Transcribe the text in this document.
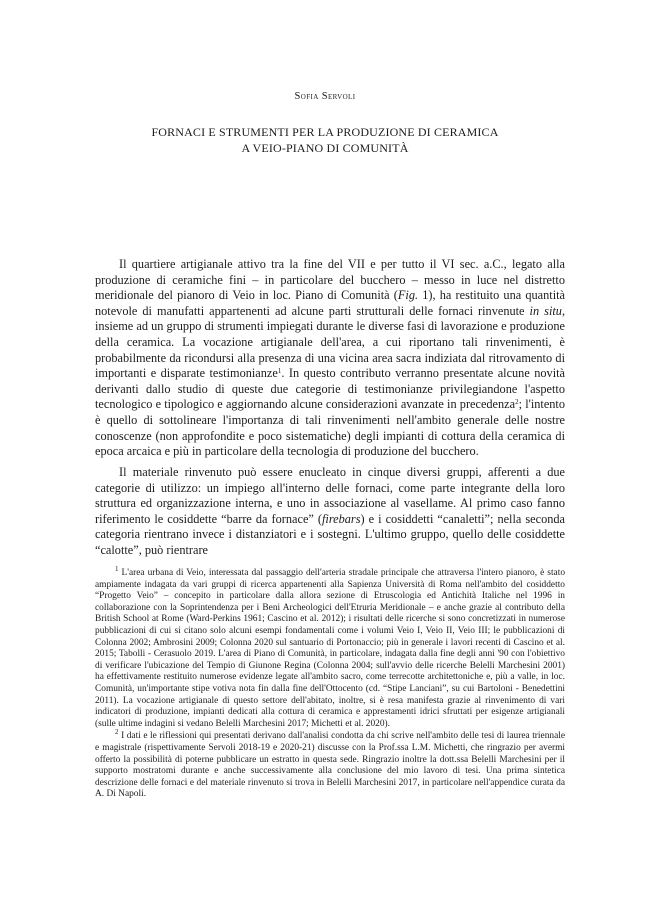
Sofia Servoli
FORNACI E STRUMENTI PER LA PRODUZIONE DI CERAMICA
A VEIO-PIANO DI COMUNITÀ

Il quartiere artigianale attivo tra la fine del VII e per tutto il VI sec. a.C., legato alla produzione di ceramiche fini – in particolare del bucchero – messo in luce nel distretto meridionale del pianoro di Veio in loc. Piano di Comunità (Fig. 1), ha restituito una quantità notevole di manufatti appartenenti ad alcune parti strutturali delle fornaci rinvenute in situ, insieme ad un gruppo di strumenti impiegati durante le diverse fasi di lavorazione e produzione della ceramica. La vocazione artigianale dell'area, a cui riportano tali rinvenimenti, è probabilmente da ricondursi alla presenza di una vicina area sacra indiziata dal ritrovamento di importanti e disparate testimonianze$^1$. In questo contributo verranno presentate alcune novità derivanti dallo studio di queste due categorie di testimonianze privilegiandone l'aspetto tecnologico e tipologico e aggiornando alcune considerazioni avanzate in precedenza$^2$; l'intento è quello di sottolineare l'importanza di tali rinvenimenti nell'ambito generale delle nostre conoscenze (non approfondite e poco sistematiche) degli impianti di cottura della ceramica di epoca arcaica e più in particolare della tecnologia di produzione del bucchero.

Il materiale rinvenuto può essere enucleato in cinque diversi gruppi, afferenti a due categorie di utilizzo: un impiego all'interno delle fornaci, come parte integrante della loro struttura ed organizzazione interna, e uno in associazione al vasellame. Al primo caso fanno riferimento le cosiddette “barre da fornace” (firebars) e i cosiddetti “canaletti”; nella seconda categoria rientrano invece i distanziatori e i sostegni. L'ultimo gruppo, quello delle cosiddette “calotte”, può rientrare

$^1$ L'area urbana di Veio, interessata dal passaggio dell'arteria stradale principale che attraversa l'intero pianoro, è stato ampiamente indagata da vari gruppi di ricerca appartenenti alla Sapienza Università di Roma nell'ambito del cosiddetto “Progetto Veio” – concepito in particolare dalla allora sezione di Etruscologia ed Antichità Italiche nel 1996 in collaborazione con la Soprintendenza per i Beni Archeologici dell'Etruria Meridionale – e anche grazie al contributo della British School at Rome (Ward-Perkins 1961; Cascino et al. 2012); i risultati delle ricerche si sono concretizzati in numerose pubblicazioni di cui si citano solo alcuni esempi fondamentali come i volumi Veio I, Veio II, Veio III; le pubblicazioni di Colonna 2002; Ambrosini 2009; Colonna 2020 sul santuario di Portonaccio; più in generale i lavori recenti di Cascino et al. 2015; Tabolli - Cerasuolo 2019. L'area di Piano di Comunità, in particolare, indagata dalla fine degli anni '90 con l'obiettivo di verificare l'ubicazione del Tempio di Giunone Regina (Colonna 2004; sull'avvio delle ricerche Belelli Marchesini 2001) ha effettivamente restituito numerose evidenze legate all'ambito sacro, come terrecotte architettoniche e, più a valle, in loc. Comunità, un'importante stipe votiva nota fin dalla fine dell'Ottocento (cd. “Stipe Lanciani”, su cui Bartoloni - Benedettini 2011). La vocazione artigianale di questo settore dell'abitato, inoltre, si è resa manifesta grazie al rinvenimento di vari indicatori di produzione, impianti dedicati alla cottura di ceramica e apprestamenti idrici sfruttati per esigenze artigianali (sulle ultime indagini si vedano Belelli Marchesini 2017; Michetti et al. 2020).

$^2$ I dati e le riflessioni qui presentati derivano dall'analisi condotta da chi scrive nell'ambito delle tesi di laurea triennale e magistrale (rispettivamente Servoli 2018-19 e 2020-21) discusse con la Prof.ssa L.M. Michetti, che ringrazio per avermi offerto la possibilità di poterne pubblicare un estratto in questa sede. Ringrazio inoltre la dott.ssa Belelli Marchesini per il supporto mostratomi durante e anche successivamente alla conclusione del mio lavoro di tesi. Una prima sintetica descrizione delle fornaci e del materiale rinvenuto si trova in Belelli Marchesini 2017, in particolare nell'appendice curata da A. Di Napoli.
